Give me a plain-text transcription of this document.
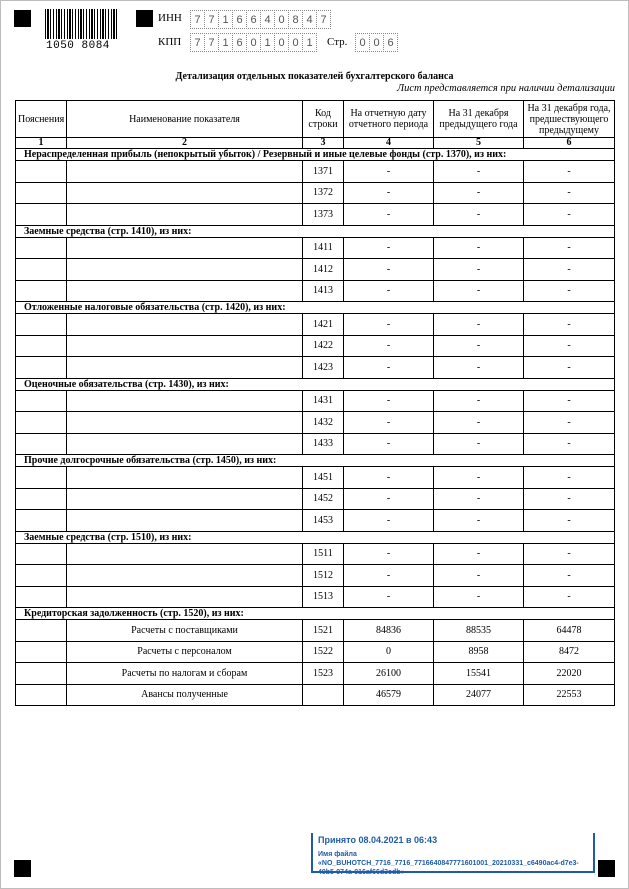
1050 8084
ИНН	7 7 1 6 6 4 0 8 4 7
КПП	7 7 1 6 0 1 0 0 1	Стр.	0 0 6
Детализация отдельных показателей бухгалтерского баланса
Лист представляется при наличии детализации
Пояснения	Наименование показателя	Код строки	На отчетную дату отчетного периода	На 31 декабря предыдущего года	На 31 декабря года, предшествующего предыдущему
1	2	3	4	5	6
Нераспределенная прибыль (непокрытый убыток) / Резервный и иные целевые фонды (стр. 1370), из них:					
		1371	-	-	-
		1372	-	-	-
		1373	-	-	-
Заемные средства (стр. 1410), из них:					
		1411	-	-	-
		1412	-	-	-
		1413	-	-	-
Отложенные налоговые обязательства (стр. 1420), из них:					
		1421	-	-	-
		1422	-	-	-
		1423	-	-	-
Оценочные обязательства (стр. 1430), из них:					
		1431	-	-	-
		1432	-	-	-
		1433	-	-	-
Прочие долгосрочные обязательства (стр. 1450), из них:					
		1451	-	-	-
		1452	-	-	-
		1453	-	-	-
Заемные средства (стр. 1510), из них:					
		1511	-	-	-
		1512	-	-	-
		1513	-	-	-
Кредиторская задолженность (стр. 1520), из них:					
	Расчеты с поставщиками	1521	84836	88535	64478
	Расчеты с персоналом	1522	0	8958	8472
	Расчеты по налогам и сборам	1523	26100	15541	22020
	Авансы полученные		46579	24077	22553
Принято 08.04.2021 в 06:43
Имя файла «NO_BUHOTCH_7716_7716_7716640847771601001_20210331_c6490ac4-d7e3-49b5-974a-016af66d3cdb»
